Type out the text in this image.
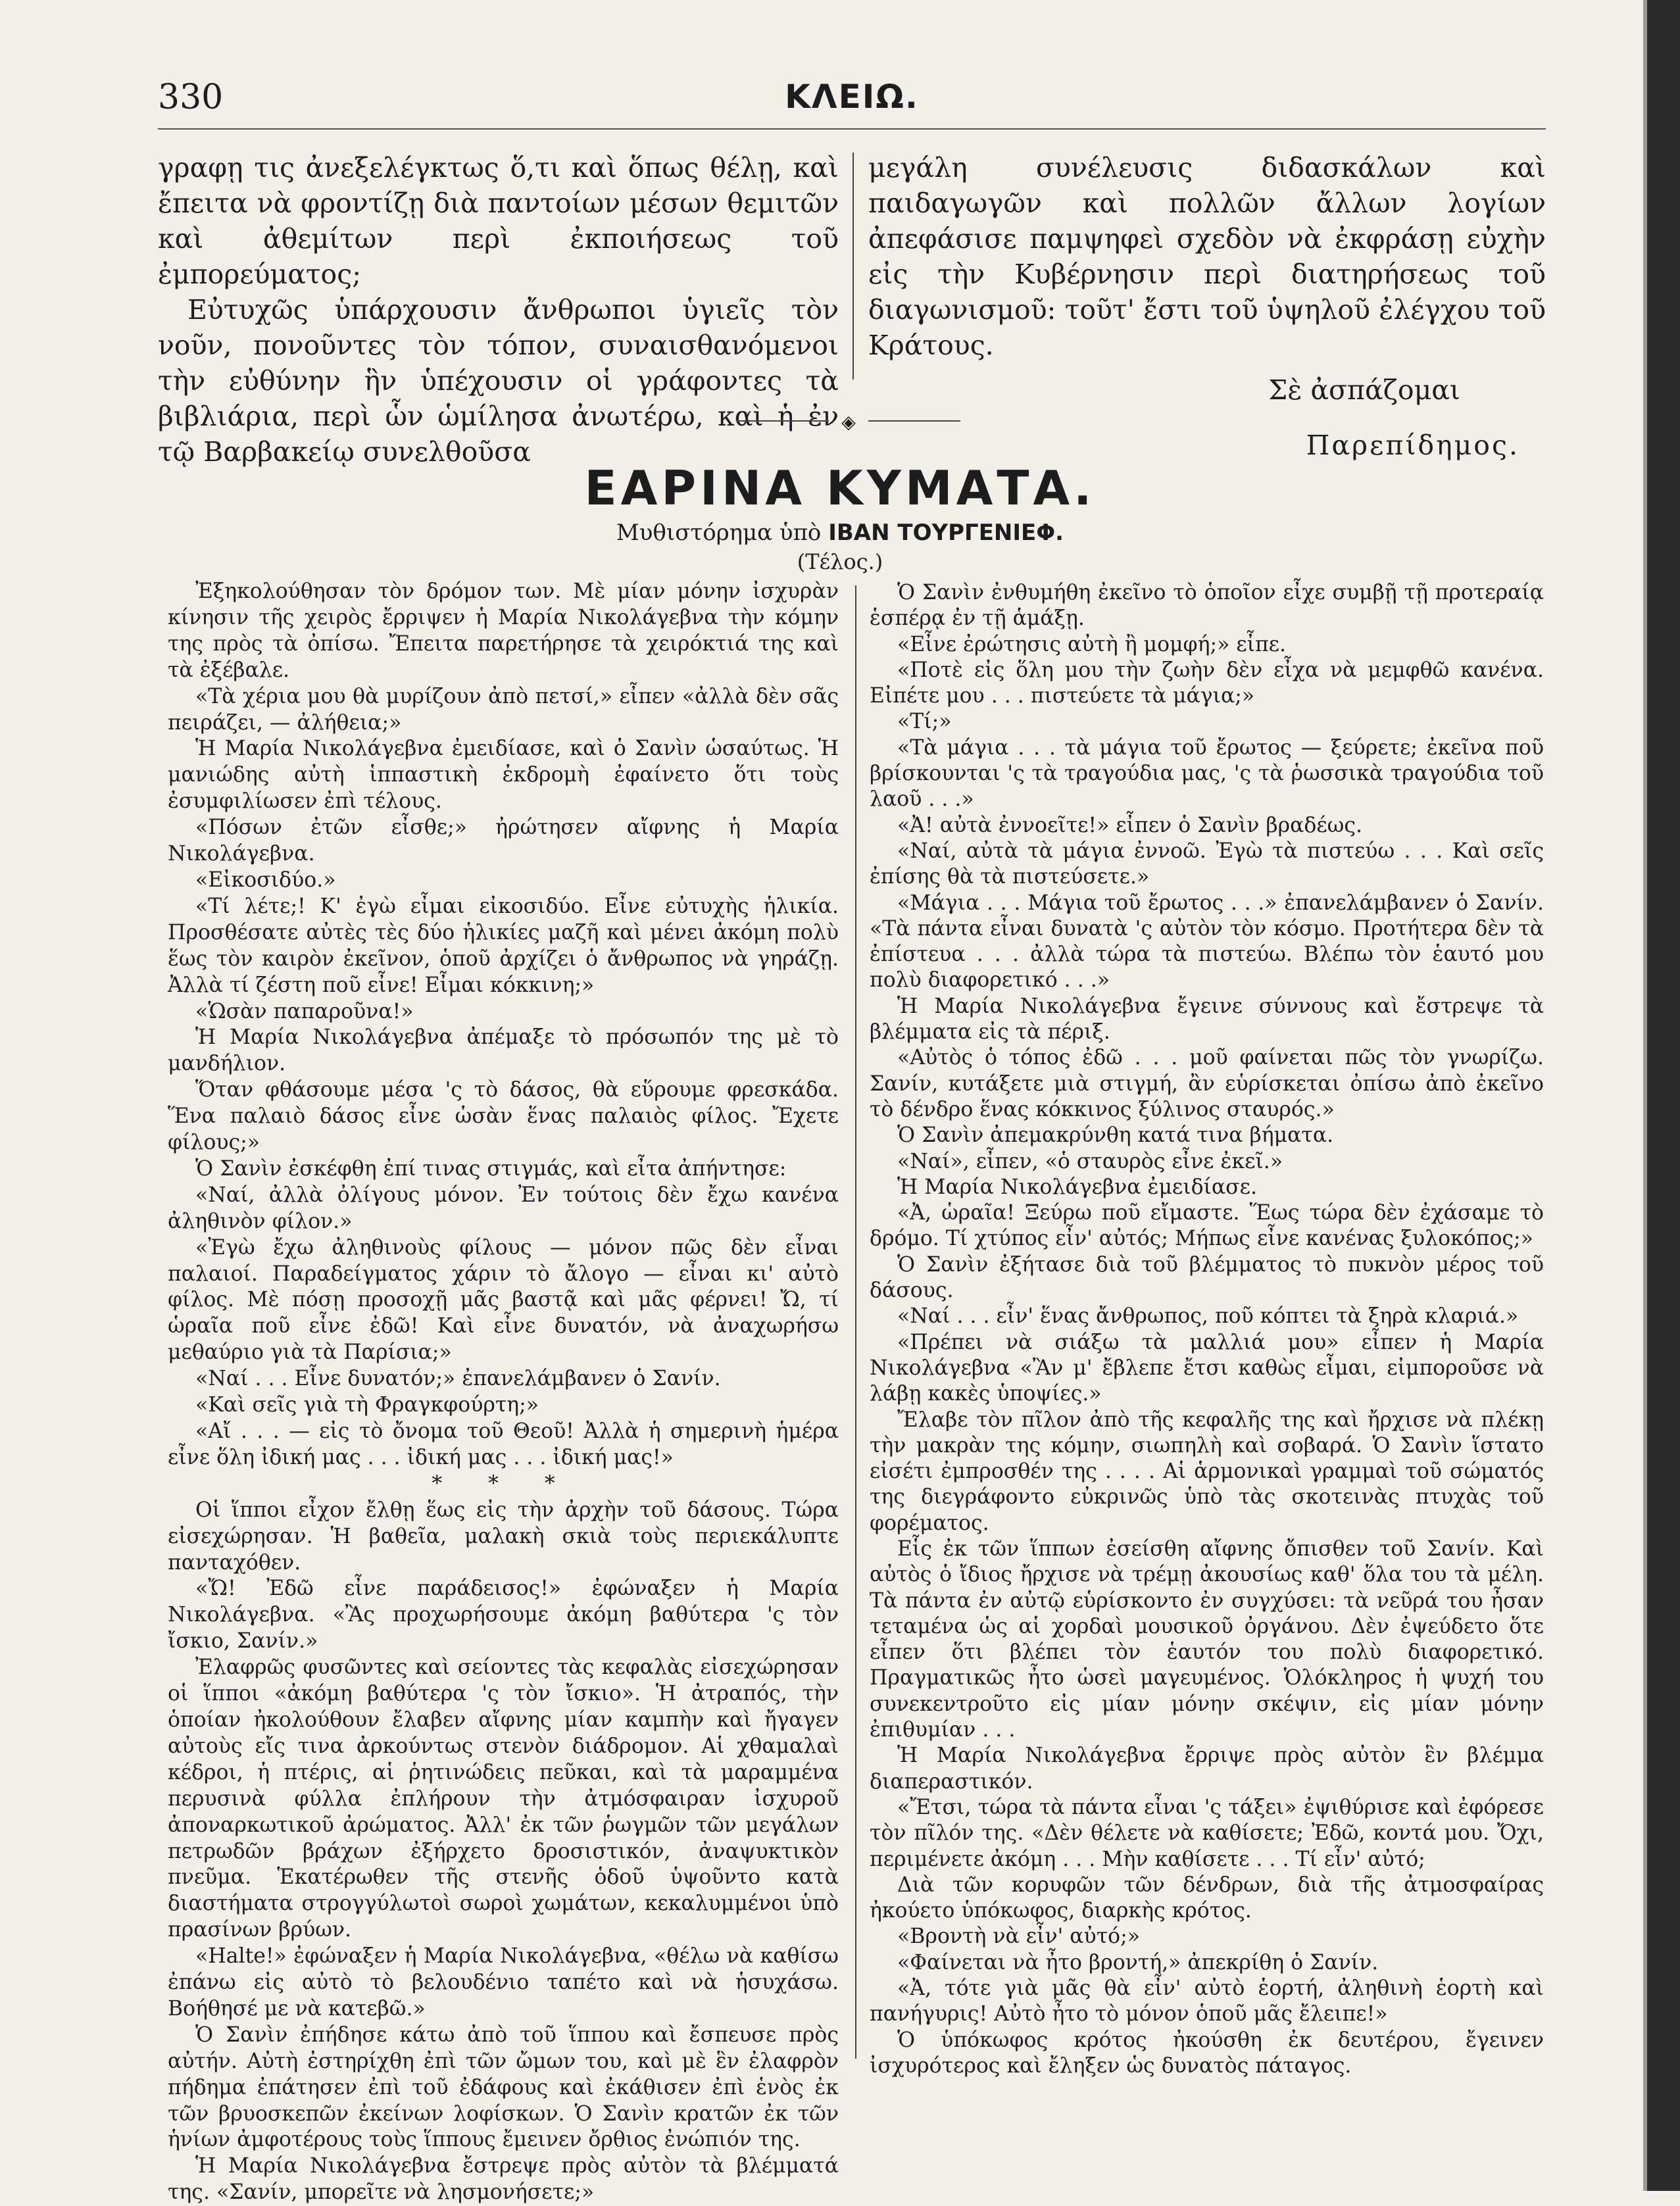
330	ΚΛΕΙΩ.

γραφῃ τις ἀνεξελέγκτως ὅ,τι καὶ ὅπως θέλῃ, καὶ ἔπειτα νὰ φροντίζῃ διὰ παντοίων μέσων θεμιτῶν καὶ ἀθεμίτων περὶ ἐκποιήσεως τοῦ ἐμπορεύματος;

Εὐτυχῶς ὑπάρχουσιν ἄνθρωποι ὑγιεῖς τὸν νοῦν, πονοῦντες τὸν τόπον, συναισθανόμενοι τὴν εὐθύνην ἣν ὑπέχουσιν οἱ γράφοντες τὰ βιβλιάρια, περὶ ὧν ὡμίλησα ἀνωτέρω, καὶ ἡ ἐν τῷ Βαρβακείῳ συνελθοῦσα

μεγάλη συνέλευσις διδασκάλων καὶ παιδαγωγῶν καὶ πολλῶν ἄλλων λογίων ἀπεφάσισε παμψηφεὶ σχεδὸν νὰ ἐκφράσῃ εὐχὴν εἰς τὴν Κυβέρνησιν περὶ διατηρήσεως τοῦ διαγωνισμοῦ: τοῦτ' ἔστι τοῦ ὑψηλοῦ ἐλέγχου τοῦ Κράτους.

Σὲ ἀσπάζομαι

Παρεπίδημος.

◈
ΕΑΡΙΝΑ ΚΥΜΑΤΑ.
Μυθιστόρημα ὑπὸ ΙΒΑΝ ΤΟΥΡΓΕΝΙΕΦ.
(Τέλος.)

Ἐξηκολούθησαν τὸν δρόμον των. Μὲ μίαν μόνην ἰσχυρὰν κίνησιν τῆς χειρὸς ἔρριψεν ἡ Μαρία Νικολάγεβνα τὴν κόμην της πρὸς τὰ ὀπίσω. Ἔπειτα παρετήρησε τὰ χειρόκτιά της καὶ τὰ ἐξέβαλε.

«Τὰ χέρια μου θὰ μυρίζουν ἀπὸ πετσί,» εἶπεν «ἀλλὰ δὲν σᾶς πειράζει, — ἀλήθεια;»

Ἡ Μαρία Νικολάγεβνα ἐμειδίασε, καὶ ὁ Σανὶν ὡσαύτως. Ἡ μανιώδης αὐτὴ ἱππαστικὴ ἐκδρομὴ ἐφαίνετο ὅτι τοὺς ἐσυμφιλίωσεν ἐπὶ τέλους.

«Πόσων ἐτῶν εἶσθε;» ἠρώτησεν αἴφνης ἡ Μαρία Νικολάγεβνα.

«Εἰκοσιδύο.»

«Τί λέτε;! Κ' ἐγὼ εἶμαι εἰκοσιδύο. Εἶνε εὐτυχὴς ἡλικία. Προσθέσατε αὐτὲς τὲς δύο ἡλικίες μαζῆ καὶ μένει ἀκόμη πολὺ ἕως τὸν καιρὸν ἐκεῖνον, ὁποῦ ἀρχίζει ὁ ἄνθρωπος νὰ γηράζῃ. Ἀλλὰ τί ζέστη ποῦ εἶνε! Εἶμαι κόκκινη;»

«Ὡσὰν παπαροῦνα!»

Ἡ Μαρία Νικολάγεβνα ἀπέμαξε τὸ πρόσωπόν της μὲ τὸ μανδήλιον.

Ὅταν φθάσουμε μέσα 'ς τὸ δάσος, θὰ εὕρουμε φρεσκάδα. Ἕνα παλαιὸ δάσος εἶνε ὡσὰν ἕνας παλαιὸς φίλος. Ἔχετε φίλους;»

Ὁ Σανὶν ἐσκέφθη ἐπί τινας στιγμάς, καὶ εἶτα ἀπήντησε:

«Ναί, ἀλλὰ ὀλίγους μόνον. Ἐν τούτοις δὲν ἔχω κανένα ἀληθινὸν φίλον.»

«Ἐγὼ ἔχω ἀληθινοὺς φίλους — μόνον πῶς δὲν εἶναι παλαιοί. Παραδείγματος χάριν τὸ ἄλογο — εἶναι κι' αὐτὸ φίλος. Μὲ πόσῃ προσοχῇ μᾶς βαστᾷ καὶ μᾶς φέρνει! Ὤ, τί ὡραῖα ποῦ εἶνε ἐδῶ! Καὶ εἶνε δυνατόν, νὰ ἀναχωρήσω μεθαύριο γιὰ τὰ Παρίσια;»

«Ναί . . . Εἶνε δυνατόν;» ἐπανελάμβανεν ὁ Σανίν.

«Καὶ σεῖς γιὰ τὴ Φραγκφούρτη;»

«Αἴ . . . — εἰς τὸ ὄνομα τοῦ Θεοῦ! Ἀλλὰ ἡ σημερινὴ ἡμέρα εἶνε ὅλη ἰδική μας . . . ἰδική μας . . . ἰδική μας!»

* * *

Οἱ ἵπποι εἶχον ἔλθῃ ἕως εἰς τὴν ἀρχὴν τοῦ δάσους. Τώρα εἰσεχώρησαν. Ἡ βαθεῖα, μαλακὴ σκιὰ τοὺς περιεκάλυπτε πανταχόθεν.

«Ὤ! Ἐδῶ εἶνε παράδεισος!» ἐφώναξεν ἡ Μαρία Νικολάγεβνα. «Ἂς προχωρήσουμε ἀκόμη βαθύτερα 'ς τὸν ἴσκιο, Σανίν.»

Ἐλαφρῶς φυσῶντες καὶ σείοντες τὰς κεφαλὰς εἰσεχώρησαν οἱ ἵπποι «ἀκόμη βαθύτερα 'ς τὸν ἴσκιο». Ἡ ἀτραπός, τὴν ὁποίαν ἠκολούθουν ἔλαβεν αἴφνης μίαν καμπὴν καὶ ἤγαγεν αὐτοὺς εἴς τινα ἀρκούντως στενὸν διάδρομον. Αἱ χθαμαλαὶ κέδροι, ἡ πτέρις, αἱ ῥητινώδεις πεῦκαι, καὶ τὰ μαραμμένα περυσινὰ φύλλα ἐπλήρουν τὴν ἀτμόσφαιραν ἰσχυροῦ ἀποναρκωτικοῦ ἀρώματος. Ἀλλ' ἐκ τῶν ῥωγμῶν τῶν μεγάλων πετρωδῶν βράχων ἐξήρχετο δροσιστικόν, ἀναψυκτικὸν πνεῦμα. Ἑκατέρωθεν τῆς στενῆς ὁδοῦ ὑψοῦντο κατὰ διαστήματα στρογγύλωτοὶ σωροὶ χωμάτων, κεκαλυμμένοι ὑπὸ πρασίνων βρύων.

«Halte!» ἐφώναξεν ἡ Μαρία Νικολάγεβνα, «θέλω νὰ καθίσω ἐπάνω εἰς αὐτὸ τὸ βελουδένιο ταπέτο καὶ νὰ ἡσυχάσω. Βοήθησέ με νὰ κατεβῶ.»

Ὁ Σανὶν ἐπήδησε κάτω ἀπὸ τοῦ ἵππου καὶ ἔσπευσε πρὸς αὐτήν. Αὐτὴ ἐστηρίχθη ἐπὶ τῶν ὤμων του, καὶ μὲ ἓν ἐλαφρὸν πήδημα ἐπάτησεν ἐπὶ τοῦ ἐδάφους καὶ ἐκάθισεν ἐπὶ ἑνὸς ἐκ τῶν βρυοσκεπῶν ἐκείνων λοφίσκων. Ὁ Σανὶν κρατῶν ἐκ τῶν ἡνίων ἀμφοτέρους τοὺς ἵππους ἔμεινεν ὄρθιος ἐνώπιόν της.

Ἡ Μαρία Νικολάγεβνα ἔστρεψε πρὸς αὐτὸν τὰ βλέμματά της. «Σανίν, μπορεῖτε νὰ λησμονήσετε;»

Ὁ Σανὶν ἐνθυμήθη ἐκεῖνο τὸ ὁποῖον εἶχε συμβῇ τῇ προτεραίᾳ ἑσπέρᾳ ἐν τῇ ἁμάξῃ.

«Εἶνε ἐρώτησις αὐτὴ ἢ μομφή;» εἶπε.

«Ποτὲ εἰς ὅλη μου τὴν ζωὴν δὲν εἶχα νὰ μεμφθῶ κανένα. Εἰπέτε μου . . . πιστεύετε τὰ μάγια;»

«Τί;»

«Τὰ μάγια . . . τὰ μάγια τοῦ ἔρωτος — ξεύρετε; ἐκεῖνα ποῦ βρίσκουνται 'ς τὰ τραγούδια μας, 'ς τὰ ῥωσσικὰ τραγούδια τοῦ λαοῦ . . .»

«Ἀ! αὐτὰ ἐννοεῖτε!» εἶπεν ὁ Σανὶν βραδέως.

«Ναί, αὐτὰ τὰ μάγια ἐννοῶ. Ἐγὼ τὰ πιστεύω . . . Καὶ σεῖς ἐπίσης θὰ τὰ πιστεύσετε.»

«Μάγια . . . Μάγια τοῦ ἔρωτος . . .» ἐπανελάμβανεν ὁ Σανίν. «Τὰ πάντα εἶναι δυνατὰ 'ς αὐτὸν τὸν κόσμο. Προτήτερα δὲν τὰ ἐπίστευα . . . ἀλλὰ τώρα τὰ πιστεύω. Βλέπω τὸν ἑαυτό μου πολὺ διαφορετικό . . .»

Ἡ Μαρία Νικολάγεβνα ἔγεινε σύννους καὶ ἔστρεψε τὰ βλέμματα εἰς τὰ πέριξ.

«Αὐτὸς ὁ τόπος ἐδῶ . . . μοῦ φαίνεται πῶς τὸν γνωρίζω. Σανίν, κυτάξετε μιὰ στιγμή, ἂν εὑρίσκεται ὀπίσω ἀπὸ ἐκεῖνο τὸ δένδρο ἕνας κόκκινος ξύλινος σταυρός.»

Ὁ Σανὶν ἀπεμακρύνθη κατά τινα βήματα.

«Ναί», εἶπεν, «ὁ σταυρὸς εἶνε ἐκεῖ.»

Ἡ Μαρία Νικολάγεβνα ἐμειδίασε.

«Ἀ, ὡραῖα! Ξεύρω ποῦ εἴμαστε. Ἕως τώρα δὲν ἐχάσαμε τὸ δρόμο. Τί χτύπος εἶν' αὐτός; Μήπως εἶνε κανένας ξυλοκόπος;»

Ὁ Σανὶν ἐξήτασε διὰ τοῦ βλέμματος τὸ πυκνὸν μέρος τοῦ δάσους.

«Ναί . . . εἶν' ἕνας ἄνθρωπος, ποῦ κόπτει τὰ ξηρὰ κλαριά.»

«Πρέπει νὰ σιάξω τὰ μαλλιά μου» εἶπεν ἡ Μαρία Νικολάγεβνα «Ἂν μ' ἔβλεπε ἔτσι καθὼς εἶμαι, εἰμποροῦσε νὰ λάβῃ κακὲς ὑποψίες.»

Ἔλαβε τὸν πῖλον ἀπὸ τῆς κεφαλῆς της καὶ ἤρχισε νὰ πλέκῃ τὴν μακρὰν της κόμην, σιωπηλὴ καὶ σοβαρά. Ὁ Σανὶν ἵστατο εἰσέτι ἐμπροσθέν της . . . . Αἱ ἁρμονικαὶ γραμμαὶ τοῦ σώματός της διεγράφοντο εὐκρινῶς ὑπὸ τὰς σκοτεινὰς πτυχὰς τοῦ φορέματος.

Εἷς ἐκ τῶν ἵππων ἐσείσθη αἴφνης ὄπισθεν τοῦ Σανίν. Καὶ αὐτὸς ὁ ἴδιος ἤρχισε νὰ τρέμῃ ἀκουσίως καθ' ὅλα του τὰ μέλη. Τὰ πάντα ἐν αὐτῷ εὑρίσκοντο ἐν συγχύσει: τὰ νεῦρά του ἦσαν τεταμένα ὡς αἱ χορδαὶ μουσικοῦ ὀργάνου. Δὲν ἐψεύδετο ὅτε εἶπεν ὅτι βλέπει τὸν ἑαυτόν του πολὺ διαφορετικό. Πραγματικῶς ἦτο ὡσεὶ μαγευμένος. Ὁλόκληρος ἡ ψυχή του συνεκεντροῦτο εἰς μίαν μόνην σκέψιν, εἰς μίαν μόνην ἐπιθυμίαν . . .

Ἡ Μαρία Νικολάγεβνα ἔρριψε πρὸς αὐτὸν ἓν βλέμμα διαπεραστικόν.

«Ἔτσι, τώρα τὰ πάντα εἶναι 'ς τάξει» ἐψιθύρισε καὶ ἐφόρεσε τὸν πῖλόν της. «Δὲν θέλετε νὰ καθίσετε; Ἐδῶ, κοντά μου. Ὄχι, περιμένετε ἀκόμη . . . Μὴν καθίσετε . . . Τί εἶν' αὐτό;

Διὰ τῶν κορυφῶν τῶν δένδρων, διὰ τῆς ἀτμοσφαίρας ἠκούετο ὑπόκωφος, διαρκὴς κρότος.

«Βροντὴ νὰ εἶν' αὐτό;»

«Φαίνεται νὰ ἦτο βροντή,» ἀπεκρίθη ὁ Σανίν.

«Ἀ, τότε γιὰ μᾶς θὰ εἶν' αὐτὸ ἑορτή, ἀληθινὴ ἑορτὴ καὶ πανήγυρις! Αὐτὸ ἦτο τὸ μόνον ὁποῦ μᾶς ἔλειπε!»

Ὁ ὑπόκωφος κρότος ἠκούσθη ἐκ δευτέρου, ἔγεινεν ἰσχυρότερος καὶ ἔληξεν ὡς δυνατὸς πάταγος.
